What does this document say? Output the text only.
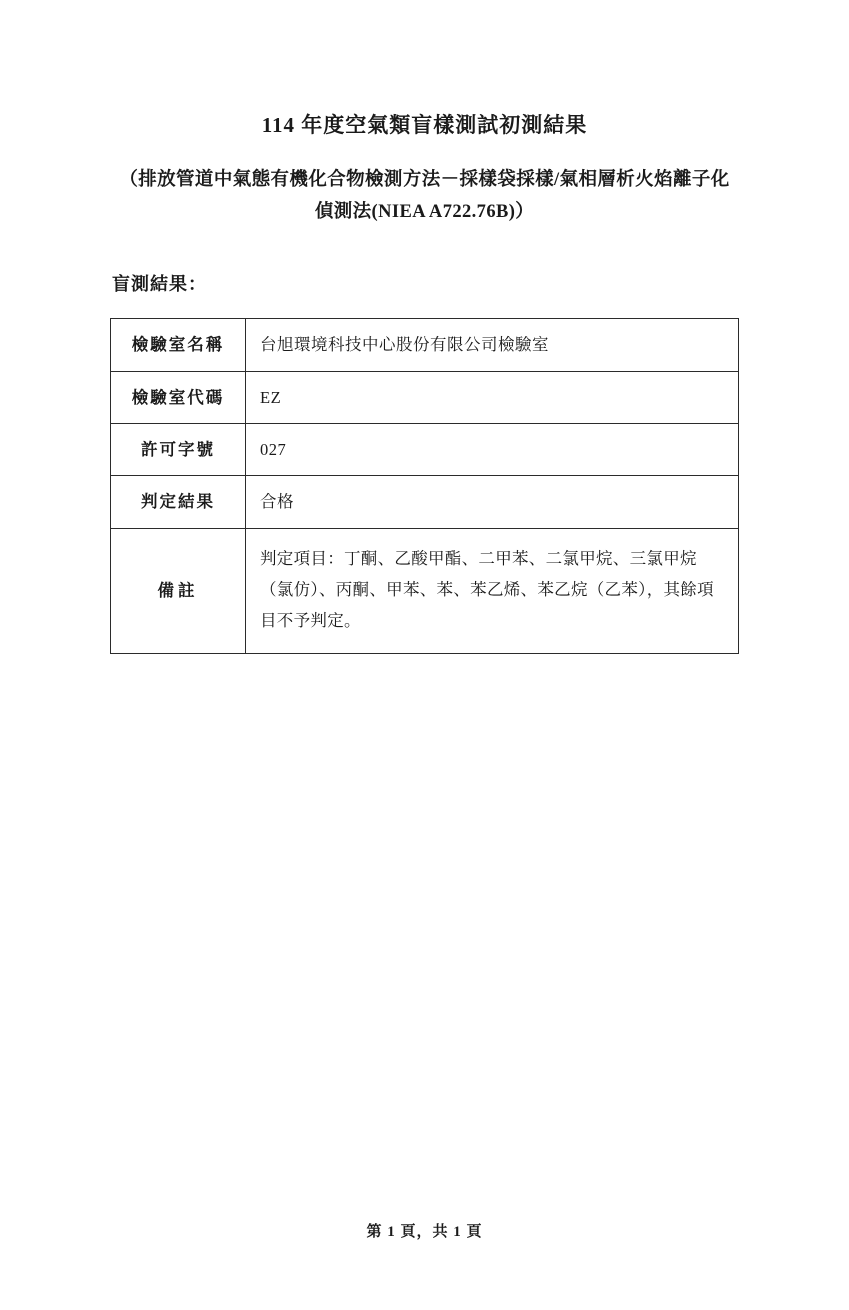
114 年度空氣類盲樣測試初測結果
（排放管道中氣態有機化合物檢測方法－採樣袋採樣/氣相層析火焰離子化偵測法(NIEA A722.76B)）
盲測結果：
檢驗室名稱	台旭環境科技中心股份有限公司檢驗室
檢驗室代碼	EZ
許可字號	027
判定結果	合格
備註	判定項目：丁酮、乙酸甲酯、二甲苯、二氯甲烷、三氯甲烷（氯仿）、丙酮、甲苯、苯、苯乙烯、苯乙烷（乙苯），其餘項目不予判定。
第 1 頁，共 1 頁
